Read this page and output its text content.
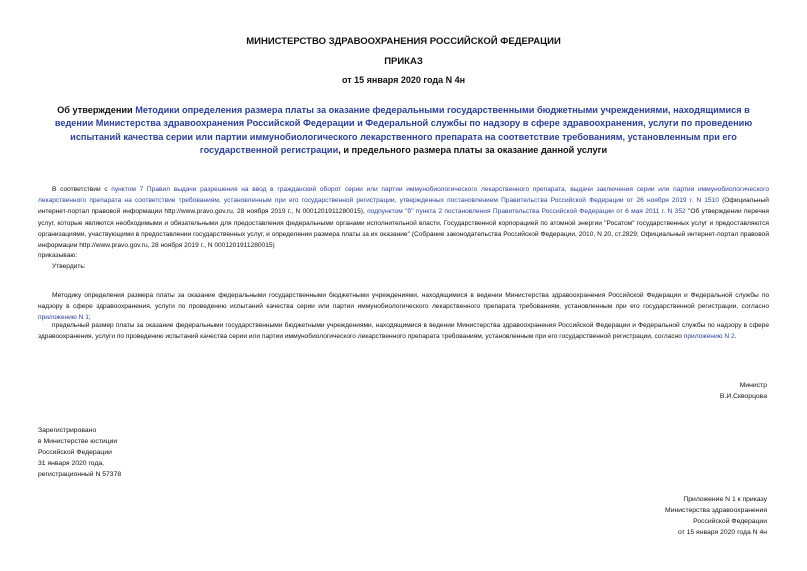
МИНИСТЕРСТВО ЗДРАВООХРАНЕНИЯ РОССИЙСКОЙ ФЕДЕРАЦИИ
ПРИКАЗ
от 15 января 2020 года N 4н
Об утверждении Методики определения размера платы за оказание федеральными государственными бюджетными учреждениями, находящимися в ведении Министерства здравоохранения Российской Федерации и Федеральной службы по надзору в сфере здравоохранения, услуги по проведению испытаний качества серии или партии иммунобиологического лекарственного препарата на соответствие требованиям, установленным при его государственной регистрации, и предельного размера платы за оказание данной услуги
В соответствии с пунктом 7 Правил выдачи разрешения на ввод в гражданский оборот серии или партии иммунобиологического лекарственного препарата, выдачи заключения серии или партии иммунобиологического лекарственного препарата на соответствие требованиям, установленным при его государственной регистрации, утвержденных постановлением Правительства Российской Федерации от 26 ноября 2019 г. N 1510 (Официальный интернет-портал правовой информации http://www.pravo.gov.ru, 28 ноября 2019 г., N 0001201911280015), подпунктом "б" пункта 2 постановления Правительства Российской Федерации от 6 мая 2011 г. N 352 "Об утверждении перечня услуг, которые являются необходимыми и обязательными для предоставления федеральными органами исполнительной власти, Государственной корпорацией по атомной энергии "Росатом" государственных услуг и предоставляются организациями, участвующими в предоставлении государственных услуг, и определении размера платы за их оказание" (Собрание законодательства Российской Федерации, 2010, N 20, ст.2829; Официальный интернет-портал правовой информации http://www.pravo.gov.ru, 28 ноября 2019 г., N 0001201911280015)
приказываю:
Утвердить:
Методику определения размера платы за оказание федеральными государственными бюджетными учреждениями, находящимися в ведении Министерства здравоохранения Российской Федерации и Федеральной службы по надзору в сфере здравоохранения, услуги по проведению испытаний качества серии или партии иммунобиологического лекарственного препарата требованиям, установленным при его государственной регистрации, согласно приложению N 1;
предельный размер платы за оказание федеральными государственными бюджетными учреждениями, находящимися в ведении Министерства здравоохранения Российской Федерации и Федеральной службы по надзору в сфере здравоохранения, услуги по проведению испытаний качества серии или партии иммунобиологического лекарственного препарата требованиям, установленным при его государственной регистрации, согласно приложению N 2.
Министр
В.И.Скворцова
Зарегистрировано
в Министерстве юстиции
Российской Федерации
31 января 2020 года,
регистрационный N 57378
Приложение N 1 к приказу
Министерства здравоохранения
Российской Федерации
от 15 января 2020 года N 4н
